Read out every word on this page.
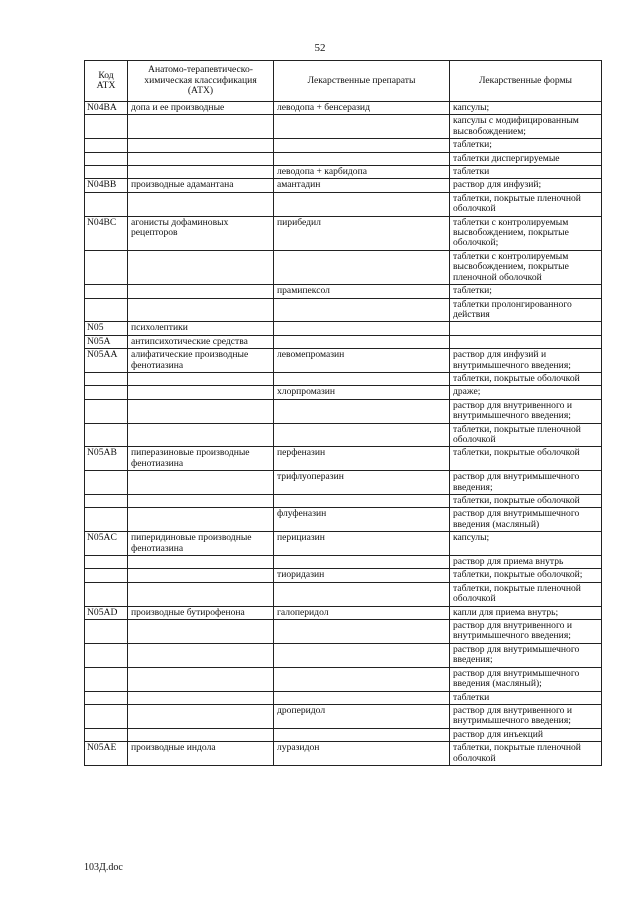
52
Код АТХ	Анатомо-терапевтическо-химическая классификация (АТХ)	Лекарственные препараты	Лекарственные формы
N04BA	допа и ее производные	леводопа + бенсеразид	капсулы;
			капсулы с модифицированным высвобождением;
			таблетки;
			таблетки диспергируемые
		леводопа + карбидопа	таблетки
N04BB	производные адамантана	амантадин	раствор для инфузий;
			таблетки, покрытые пленочной оболочкой
N04BC	агонисты дофаминовых рецепторов	пирибедил	таблетки с контролируемым высвобождением, покрытые оболочкой;
			таблетки с контролируемым высвобождением, покрытые пленочной оболочкой
		прамипексол	таблетки;
			таблетки пролонгированного действия
N05	психолептики		
N05A	антипсихотические средства		
N05AA	алифатические производные фенотиазина	левомепромазин	раствор для инфузий и внутримышечного введения;
			таблетки, покрытые оболочкой
		хлорпромазин	драже;
			раствор для внутривенного и внутримышечного введения;
			таблетки, покрытые пленочной оболочкой
N05AB	пиперазиновые производные фенотиазина	перфеназин	таблетки, покрытые оболочкой
		трифлуоперазин	раствор для внутримышечного введения;
			таблетки, покрытые оболочкой
		флуфеназин	раствор для внутримышечного введения (масляный)
N05AC	пиперидиновые производные фенотиазина	перициазин	капсулы;
			раствор для приема внутрь
		тиоридазин	таблетки, покрытые оболочкой;
			таблетки, покрытые пленочной оболочкой
N05AD	производные бутирофенона	галоперидол	капли для приема внутрь;
			раствор для внутривенного и внутримышечного введения;
			раствор для внутримышечного введения;
			раствор для внутримышечного введения (масляный);
			таблетки
		дроперидол	раствор для внутривенного и внутримышечного введения;
			раствор для инъекций
N05AE	производные индола	луразидон	таблетки, покрытые пленочной оболочкой
103Д.doc
